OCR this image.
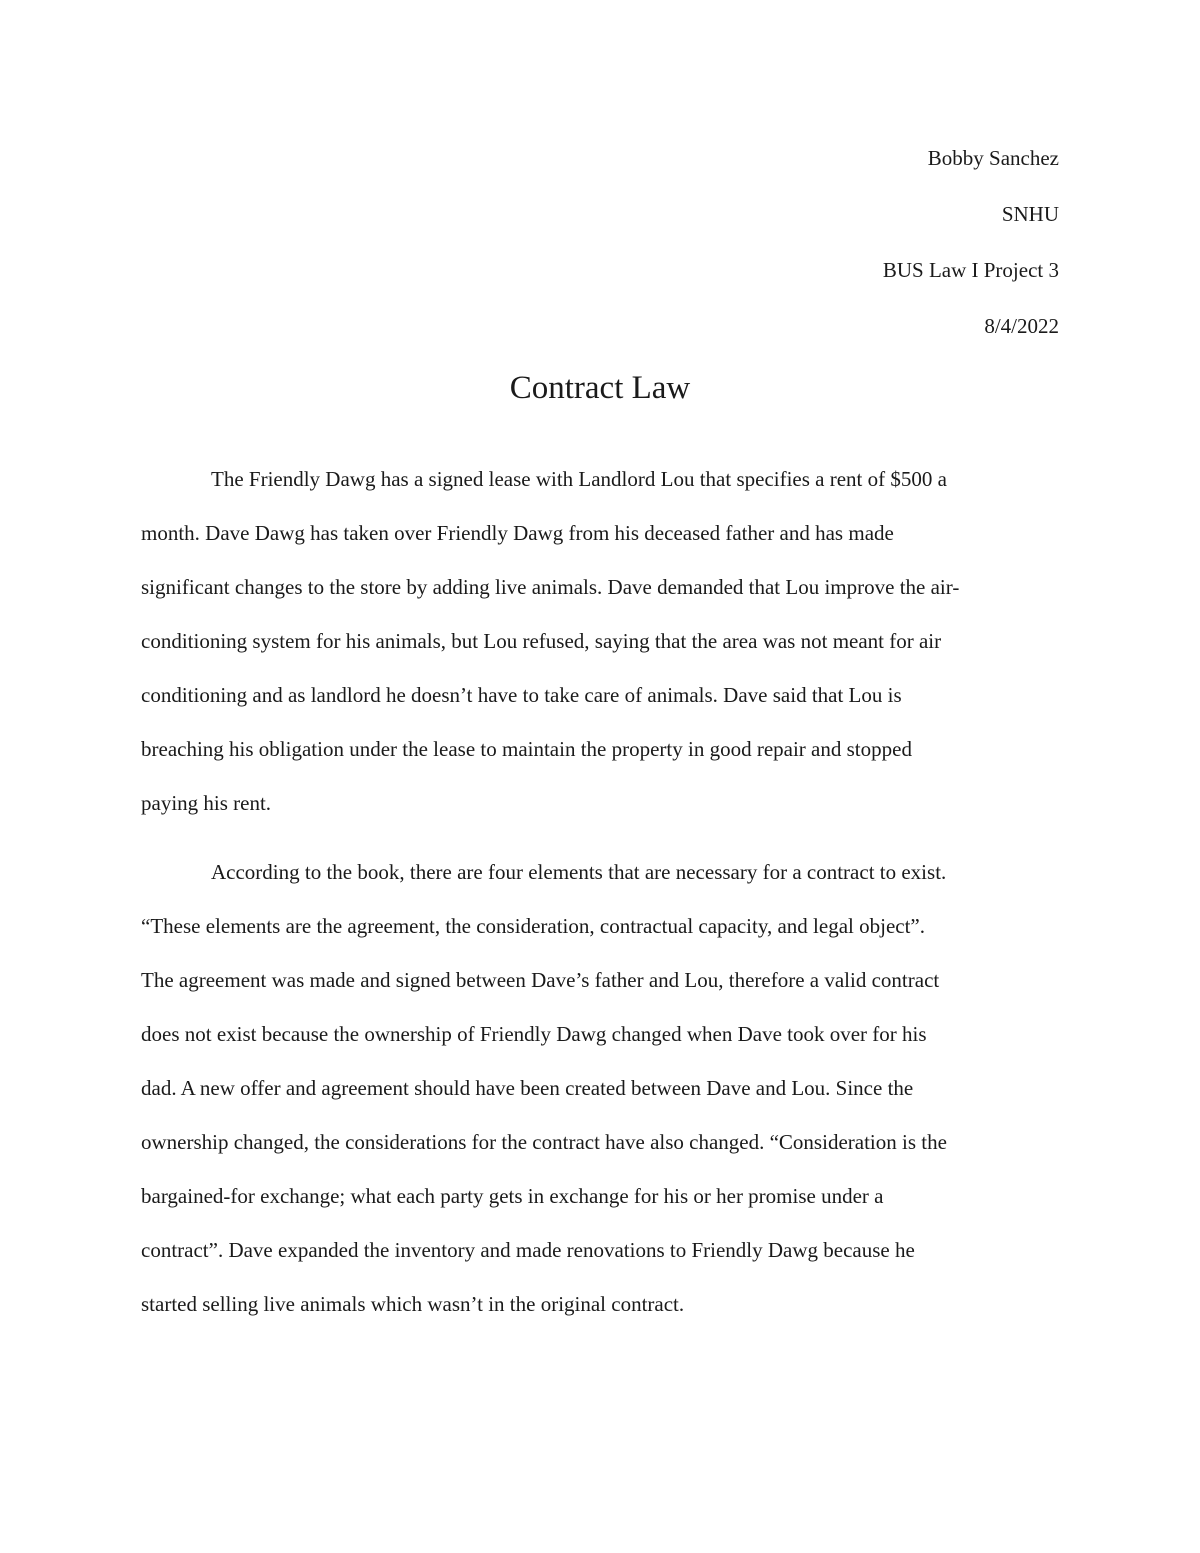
Bobby Sanchez
SNHU
BUS Law I Project 3
8/4/2022
Contract Law
The Friendly Dawg has a signed lease with Landlord Lou that specifies a rent of $500 a
month. Dave Dawg has taken over Friendly Dawg from his deceased father and has made
significant changes to the store by adding live animals. Dave demanded that Lou improve the air-
conditioning system for his animals, but Lou refused, saying that the area was not meant for air
conditioning and as landlord he doesn’t have to take care of animals. Dave said that Lou is
breaching his obligation under the lease to maintain the property in good repair and stopped
paying his rent.
According to the book, there are four elements that are necessary for a contract to exist.
“These elements are the agreement, the consideration, contractual capacity, and legal object”.
The agreement was made and signed between Dave’s father and Lou, therefore a valid contract
does not exist because the ownership of Friendly Dawg changed when Dave took over for his
dad. A new offer and agreement should have been created between Dave and Lou. Since the
ownership changed, the considerations for the contract have also changed. “Consideration is the
bargained-for exchange; what each party gets in exchange for his or her promise under a
contract”. Dave expanded the inventory and made renovations to Friendly Dawg because he
started selling live animals which wasn’t in the original contract.
